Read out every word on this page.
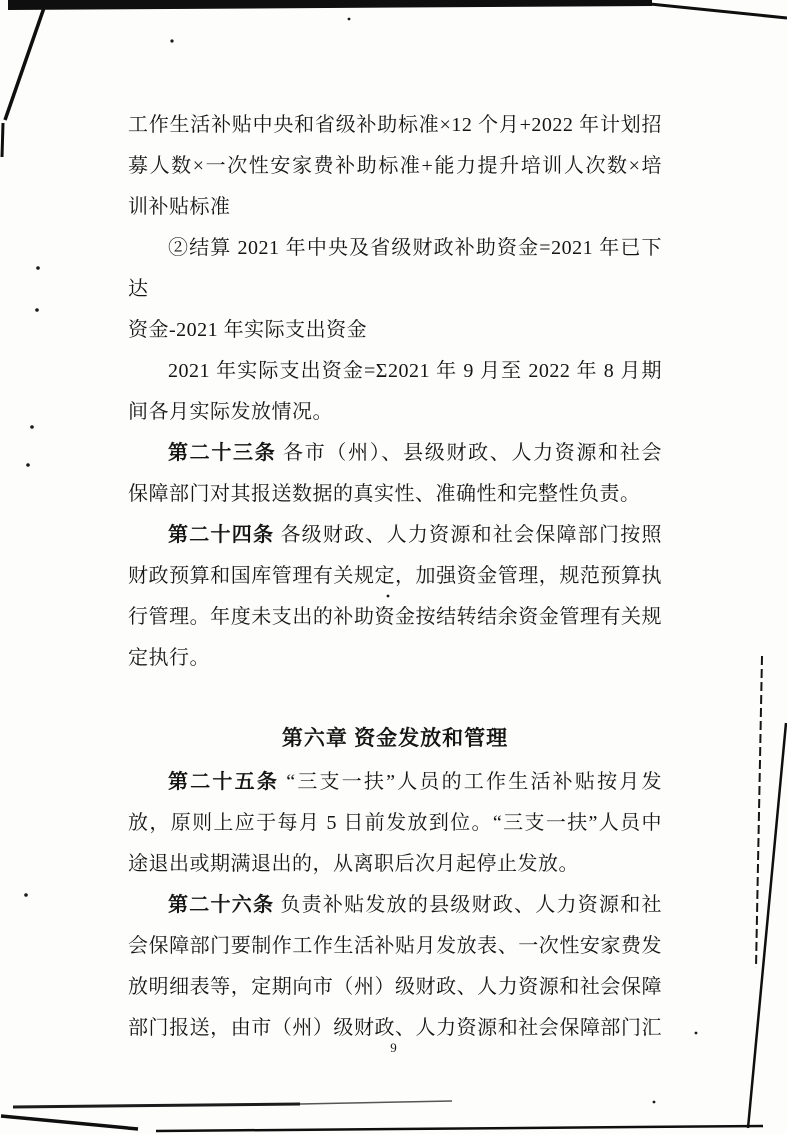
工作生活补贴中央和省级补助标准×12 个月+2022 年计划招
募人数×一次性安家费补助标准+能力提升培训人次数×培
训补贴标准
②结算 2021 年中央及省级财政补助资金=2021 年已下达
资金-2021 年实际支出资金
2021 年实际支出资金=Σ2021 年 9 月至 2022 年 8 月期
间各月实际发放情况。
第二十三条 各市（州）、县级财政、人力资源和社会
保障部门对其报送数据的真实性、准确性和完整性负责。
第二十四条 各级财政、人力资源和社会保障部门按照
财政预算和国库管理有关规定，加强资金管理，规范预算执
行管理。年度未支出的补助资金按结转结余资金管理有关规
定执行。
第六章 资金发放和管理
第二十五条 “三支一扶”人员的工作生活补贴按月发
放，原则上应于每月 5 日前发放到位。“三支一扶”人员中
途退出或期满退出的，从离职后次月起停止发放。
第二十六条 负责补贴发放的县级财政、人力资源和社
会保障部门要制作工作生活补贴月发放表、一次性安家费发
放明细表等，定期向市（州）级财政、人力资源和社会保障
部门报送，由市（州）级财政、人力资源和社会保障部门汇
9
